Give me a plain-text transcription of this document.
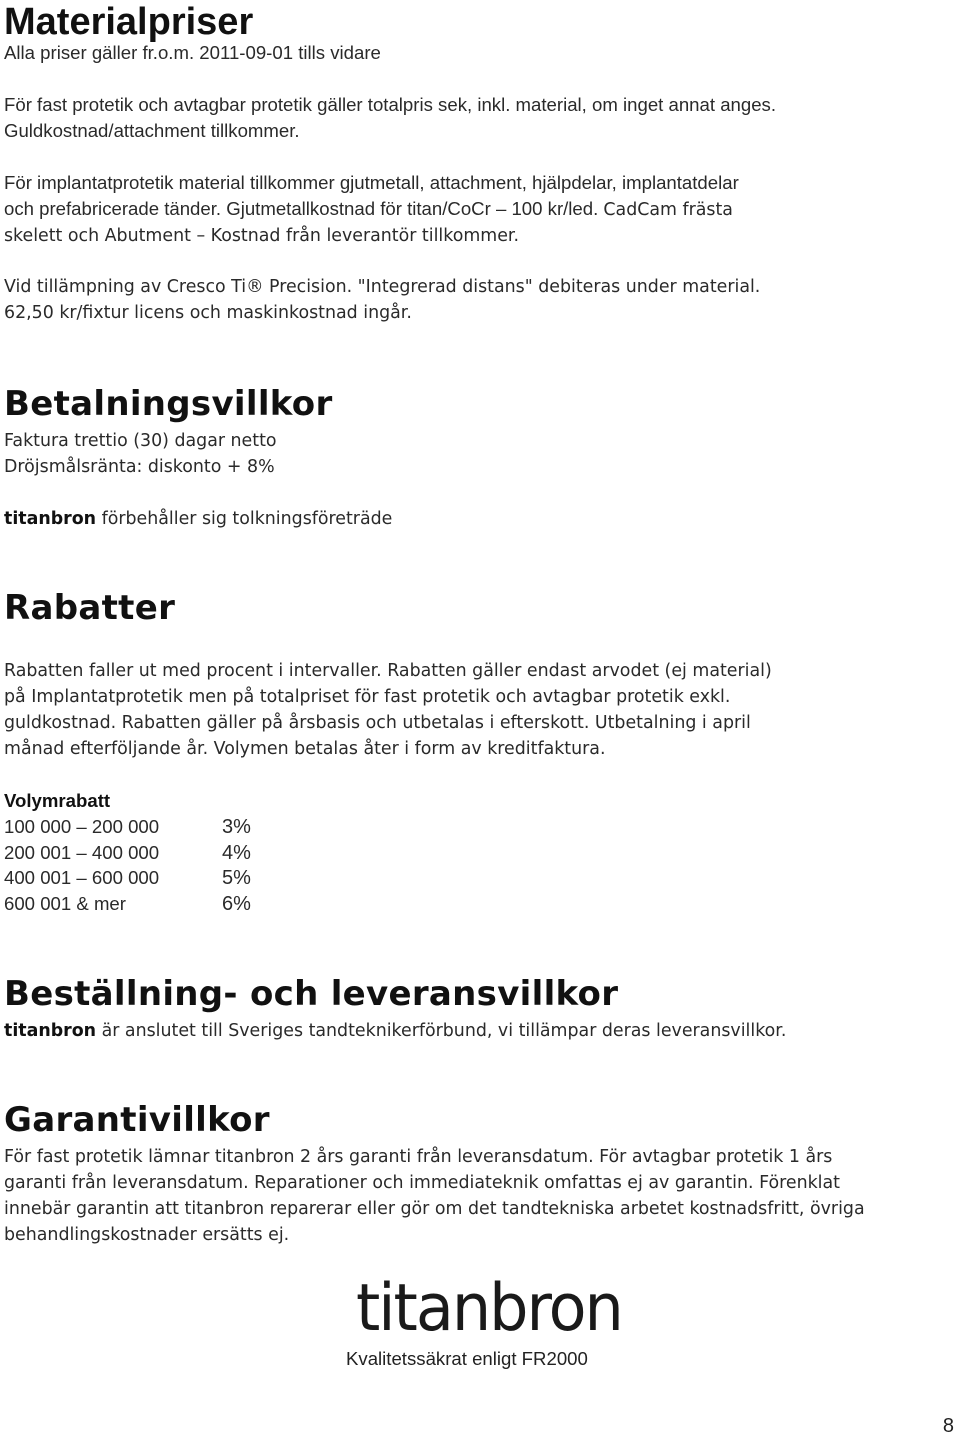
Materialpriser

Alla priser gäller fr.o.m. 2011-09-01 tills vidare

För fast protetik och avtagbar protetik gäller totalpris sek, inkl. material, om inget annat anges.
Guldkostnad/attachment tillkommer.
För implantatprotetik material tillkommer gjutmetall, attachment, hjälpdelar, implantatdelar
och prefabricerade tänder. Gjutmetallkostnad för titan/CoCr – 100 kr/led. CadCam frästa
skelett och Abutment – Kostnad från leverantör tillkommer.
Vid tillämpning av Cresco Ti® Precision. "Integrerad distans" debiteras under material.
62,50 kr/fixtur licens och maskinkostnad ingår.
Betalningsvillkor
Faktura trettio (30) dagar netto
Dröjsmålsränta: diskonto + 8%

titanbron förbehåller sig tolkningsföreträde

Rabatter
Rabatten faller ut med procent i intervaller. Rabatten gäller endast arvodet (ej material)
på Implantatprotetik men på totalpriset för fast protetik och avtagbar protetik exkl.
guldkostnad. Rabatten gäller på årsbasis och utbetalas i efterskott. Utbetalning i april
månad efterföljande år. Volymen betalas åter i form av kreditfaktura.

Volymrabatt

100 000 – 200 000	3%
200 001 – 400 000	4%
400 001 – 600 000	5%
600 001 & mer	6%
Beställning- och leveransvillkor

titanbron är anslutet till Sveriges tandteknikerförbund, vi tillämpar deras leveransvillkor.

Garantivillkor
För fast protetik lämnar titanbron 2 års garanti från leveransdatum. För avtagbar protetik 1 års
garanti från leveransdatum. Reparationer och immediateknik omfattas ej av garantin. Förenklat
innebär garantin att titanbron reparerar eller gör om det tandtekniska arbetet kostnadsfritt, övriga
behandlingskostnader ersätts ej.
titanbron
Kvalitetssäkrat enligt FR2000
8
